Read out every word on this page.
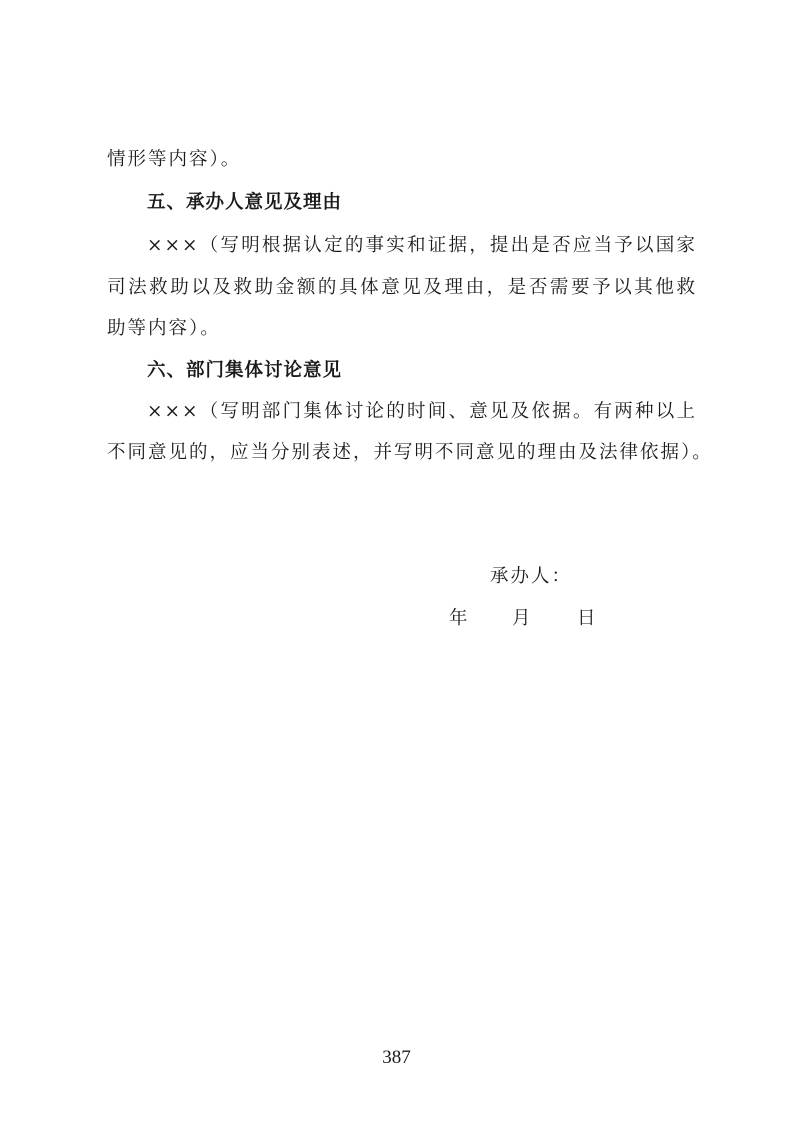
情形等内容）。
五、承办人意见及理由
×××（写明根据认定的事实和证据，提出是否应当予以国家
司法救助以及救助金额的具体意见及理由，是否需要予以其他救
助等内容）。
六、部门集体讨论意见
×××（写明部门集体讨论的时间、意见及依据。有两种以上
不同意见的，应当分别表述，并写明不同意见的理由及法律依据）。
承办人：
年 月	日
387
